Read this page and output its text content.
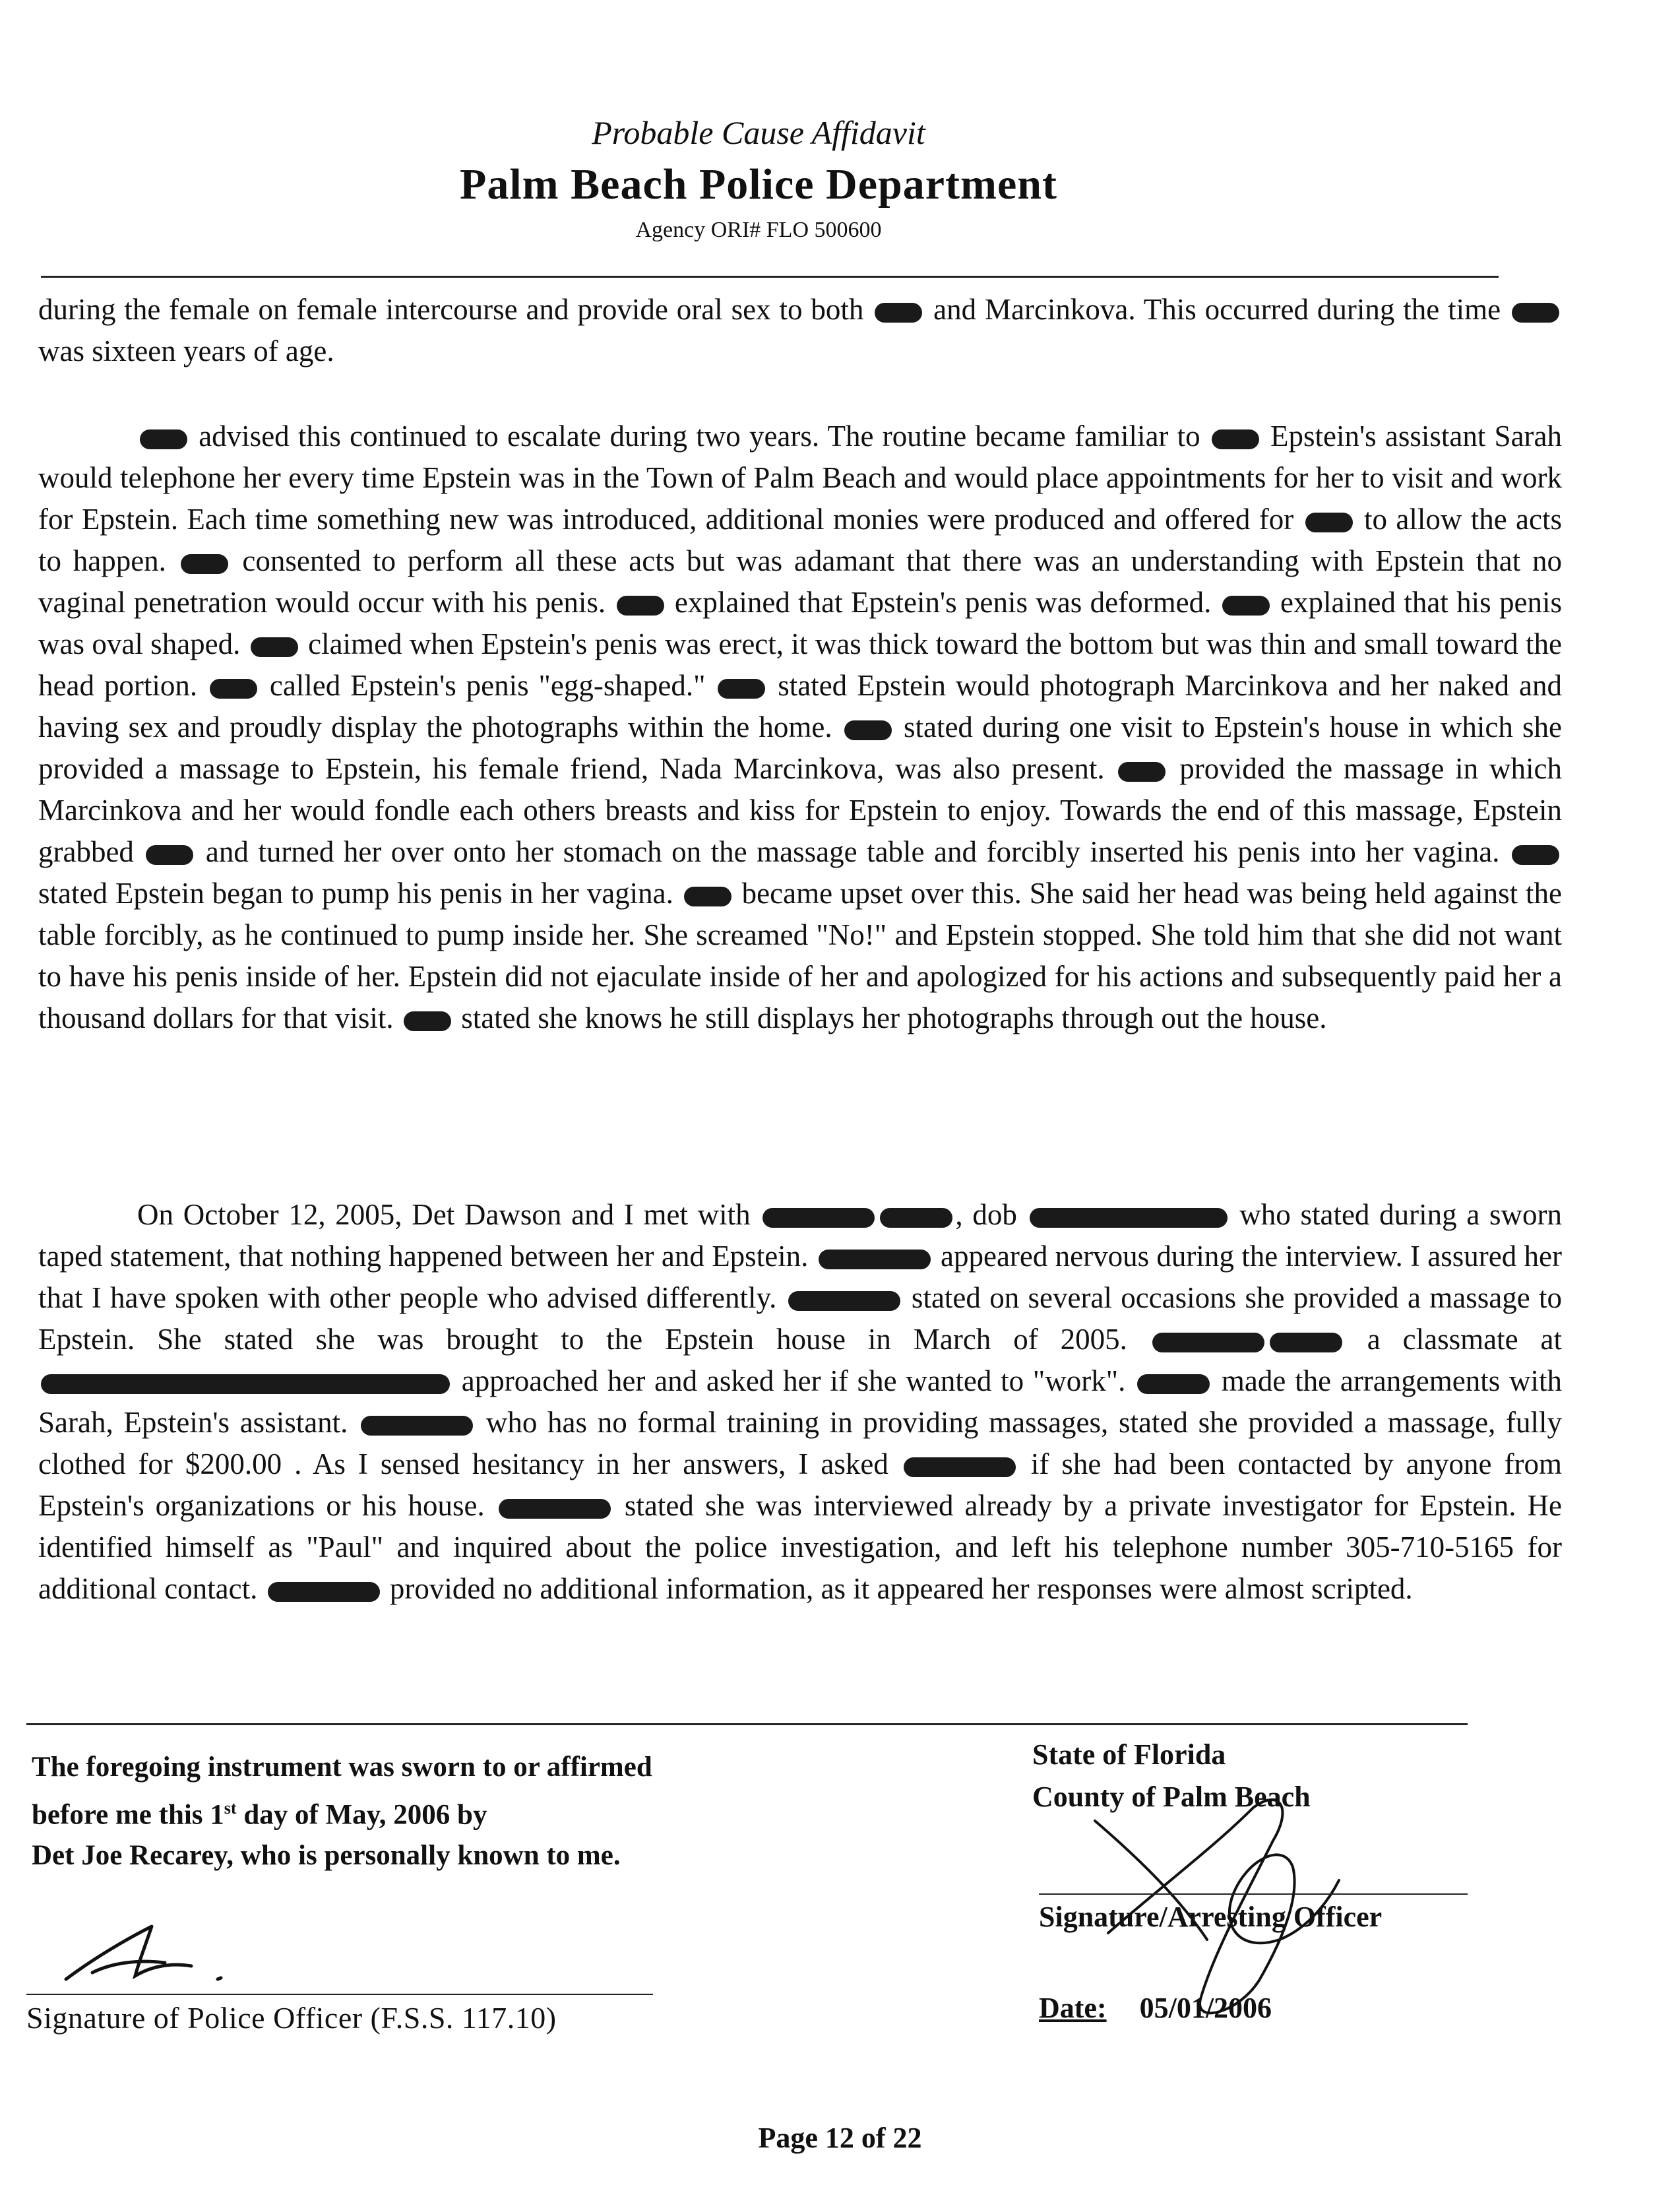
Probable Cause Affidavit
Palm Beach Police Department
Agency ORI# FLO 500600
during the female on female intercourse and provide oral sex to both  and Marcinkova. This occurred during the time  was sixteen years of age.
advised this continued to escalate during two years. The routine became familiar to  Epstein's assistant Sarah would telephone her every time Epstein was in the Town of Palm Beach and would place appointments for her to visit and work for Epstein. Each time something new was introduced, additional monies were produced and offered for  to allow the acts to happen.  consented to perform all these acts but was adamant that there was an understanding with Epstein that no vaginal penetration would occur with his penis.  explained that Epstein's penis was deformed.  explained that his penis was oval shaped.  claimed when Epstein's penis was erect, it was thick toward the bottom but was thin and small toward the head portion.  called Epstein's penis "egg-shaped."  stated Epstein would photograph Marcinkova and her naked and having sex and proudly display the photographs within the home.  stated during one visit to Epstein's house in which she provided a massage to Epstein, his female friend, Nada Marcinkova, was also present.  provided the massage in which Marcinkova and her would fondle each others breasts and kiss for Epstein to enjoy. Towards the end of this massage, Epstein grabbed  and turned her over onto her stomach on the massage table and forcibly inserted his penis into her vagina.  stated Epstein began to pump his penis in her vagina.  became upset over this. She said her head was being held against the table forcibly, as he continued to pump inside her. She screamed "No!" and Epstein stopped. She told him that she did not want to have his penis inside of her. Epstein did not ejaculate inside of her and apologized for his actions and subsequently paid her a thousand dollars for that visit.  stated she knows he still displays her photographs through out the house.
On October 12, 2005, Det Dawson and I met with	, dob	who stated during a sworn taped statement, that nothing happened between her and Epstein.	appeared nervous during the interview. I assured her that I have spoken with other people who advised differently.	stated on several occasions she provided a massage to Epstein. She stated she was brought to the Epstein house in March of 2005.	a classmate at  approached her and asked her if she wanted to "work".	made the arrangements with Sarah, Epstein's assistant.	who has no formal training in providing massages, stated she provided a massage, fully clothed for $200.00 . As I sensed hesitancy in her answers, I asked	if she had been contacted by anyone from Epstein's organizations or his house.	stated she was interviewed already by a private investigator for Epstein. He identified himself as "Paul" and inquired about the police investigation, and left his telephone number 305-710-5165 for additional contact.	provided no additional information, as it appeared her responses were almost scripted.
The foregoing instrument was sworn to or affirmed
before me this 1st day of May, 2006 by
Det Joe Recarey, who is personally known to me.
State of Florida
County of Palm Beach
Signature/Arresting Officer
Date: 05/01/2006
Signature of Police Officer (F.S.S. 117.10)
Page 12 of 22
